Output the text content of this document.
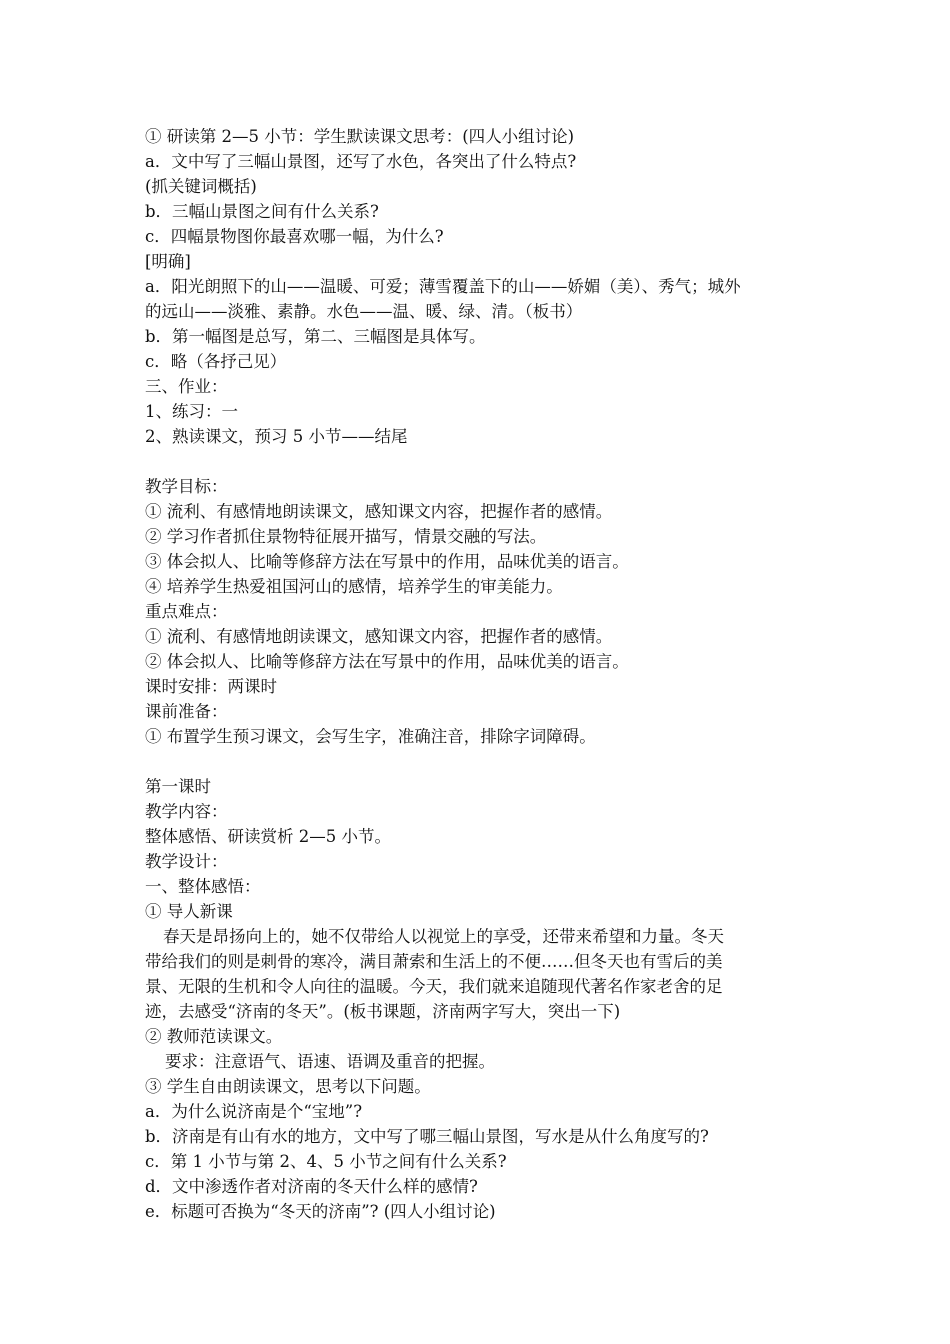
① 研读第 2—5 小节：学生默读课文思考：(四人小组讨论)
a．文中写了三幅山景图，还写了水色，各突出了什么特点?
(抓关键词概括)
b．三幅山景图之间有什么关系?
c．四幅景物图你最喜欢哪一幅，为什么?
[明确]
a．阳光朗照下的山——温暖、可爱；薄雪覆盖下的山——娇媚（美）、秀气；城外
的远山——淡雅、素静。水色——温、暖、绿、清。（板书）
b．第一幅图是总写，第二、三幅图是具体写。
c．略（各抒己见）
三、作业：
1、练习：一
2、熟读课文，预习 5 小节——结尾
教学目标：
① 流利、有感情地朗读课文，感知课文内容，把握作者的感情。
② 学习作者抓住景物特征展开描写，情景交融的写法。
③ 体会拟人、比喻等修辞方法在写景中的作用，品味优美的语言。
④ 培养学生热爱祖国河山的感情，培养学生的审美能力。
重点难点：
① 流利、有感情地朗读课文，感知课文内容，把握作者的感情。
② 体会拟人、比喻等修辞方法在写景中的作用，品味优美的语言。
课时安排：两课时
课前准备：
① 布置学生预习课文，会写生字，准确注音，排除字词障碍。
第一课时
教学内容：
整体感悟、研读赏析 2—5 小节。
教学设计：
一、整体感悟：
① 导人新课
春天是昂扬向上的，她不仅带给人以视觉上的享受，还带来希望和力量。冬天
带给我们的则是刺骨的寒冷，满目萧索和生活上的不便……但冬天也有雪后的美
景、无限的生机和令人向往的温暖。今天，我们就来追随现代著名作家老舍的足
迹，去感受“济南的冬天”。(板书课题，济南两字写大，突出一下)
② 教师范读课文。
要求：注意语气、语速、语调及重音的把握。
③ 学生自由朗读课文，思考以下问题。
a．为什么说济南是个“宝地”?
b．济南是有山有水的地方，文中写了哪三幅山景图，写水是从什么角度写的?
c．第 1 小节与第 2、4、5 小节之间有什么关系?
d．文中渗透作者对济南的冬天什么样的感情?
e．标题可否换为“冬天的济南”? (四人小组讨论)
